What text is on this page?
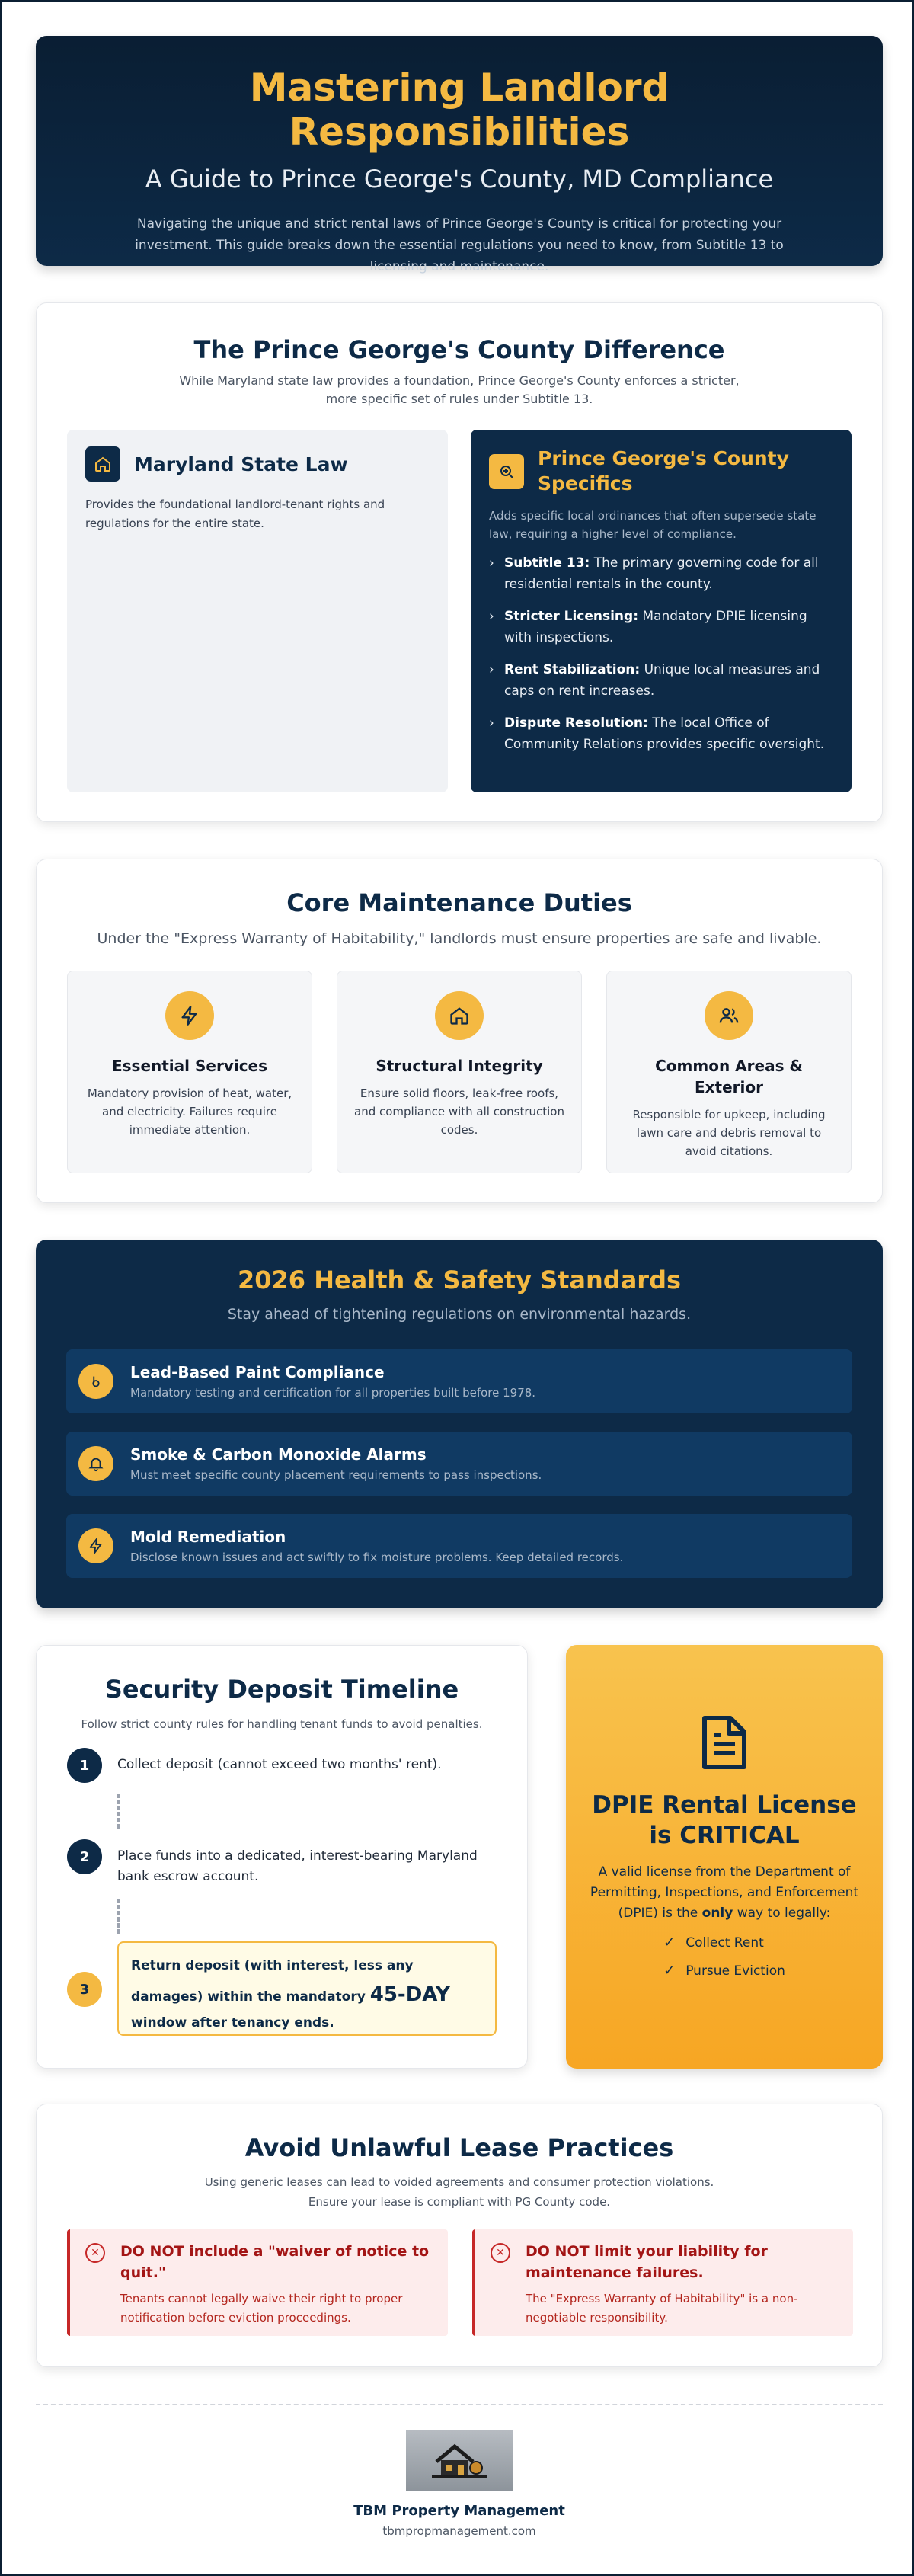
Mastering Landlord Responsibilities
A Guide to Prince George's County, MD Compliance

Navigating the unique and strict rental laws of Prince George's County is critical for protecting your investment. This guide breaks down the essential regulations you need to know, from Subtitle 13 to licensing and maintenance.

The Prince George's County Difference
While Maryland state law provides a foundation, Prince George's County enforces a stricter, more specific set of rules under Subtitle 13.
Maryland State Law

Provides the foundational landlord-tenant rights and regulations for the entire state.

Prince George's County Specifics
Adds specific local ordinances that often supersede state law, requiring a higher level of compliance.
› Subtitle 13: The primary governing code for all residential rentals in the county.
› Stricter Licensing: Mandatory DPIE licensing with inspections.
› Rent Stabilization: Unique local measures and caps on rent increases.
› Dispute Resolution: The local Office of Community Relations provides specific oversight.
Core Maintenance Duties
Under the "Express Warranty of Habitability," landlords must ensure properties are safe and livable.
Essential Services

Mandatory provision of heat, water, and electricity. Failures require immediate attention.

Structural Integrity

Ensure solid floors, leak-free roofs, and compliance with all construction codes.

Common Areas & Exterior

Responsible for upkeep, including lawn care and debris removal to avoid citations.

2026 Health & Safety Standards
Stay ahead of tightening regulations on environmental hazards.
Lead-Based Paint Compliance

Mandatory testing and certification for all properties built before 1978.

Smoke & Carbon Monoxide Alarms

Must meet specific county placement requirements to pass inspections.

Mold Remediation

Disclose known issues and act swiftly to fix moisture problems. Keep detailed records.

Security Deposit Timeline
Follow strict county rules for handling tenant funds to avoid penalties.
1	Collect deposit (cannot exceed two months' rent).
2	Place funds into a dedicated, interest-bearing Maryland bank escrow account.
3
Return deposit (with interest, less any damages) within the mandatory 45-DAY window after tenancy ends.
DPIE Rental License is CRITICAL

A valid license from the Department of Permitting, Inspections, and Enforcement (DPIE) is the only way to legally:

✓ Collect Rent
✓ Pursue Eviction
Avoid Unlawful Lease Practices
Using generic leases can lead to voided agreements and consumer protection violations.
Ensure your lease is compliant with PG County code.
✕	DO NOT include a "waiver of notice to quit."

Tenants cannot legally waive their right to proper notification before eviction proceedings.

✕	DO NOT limit your liability for maintenance failures.

The "Express Warranty of Habitability" is a non-negotiable responsibility.

TBM Property Management
tbmpropmanagement.com
